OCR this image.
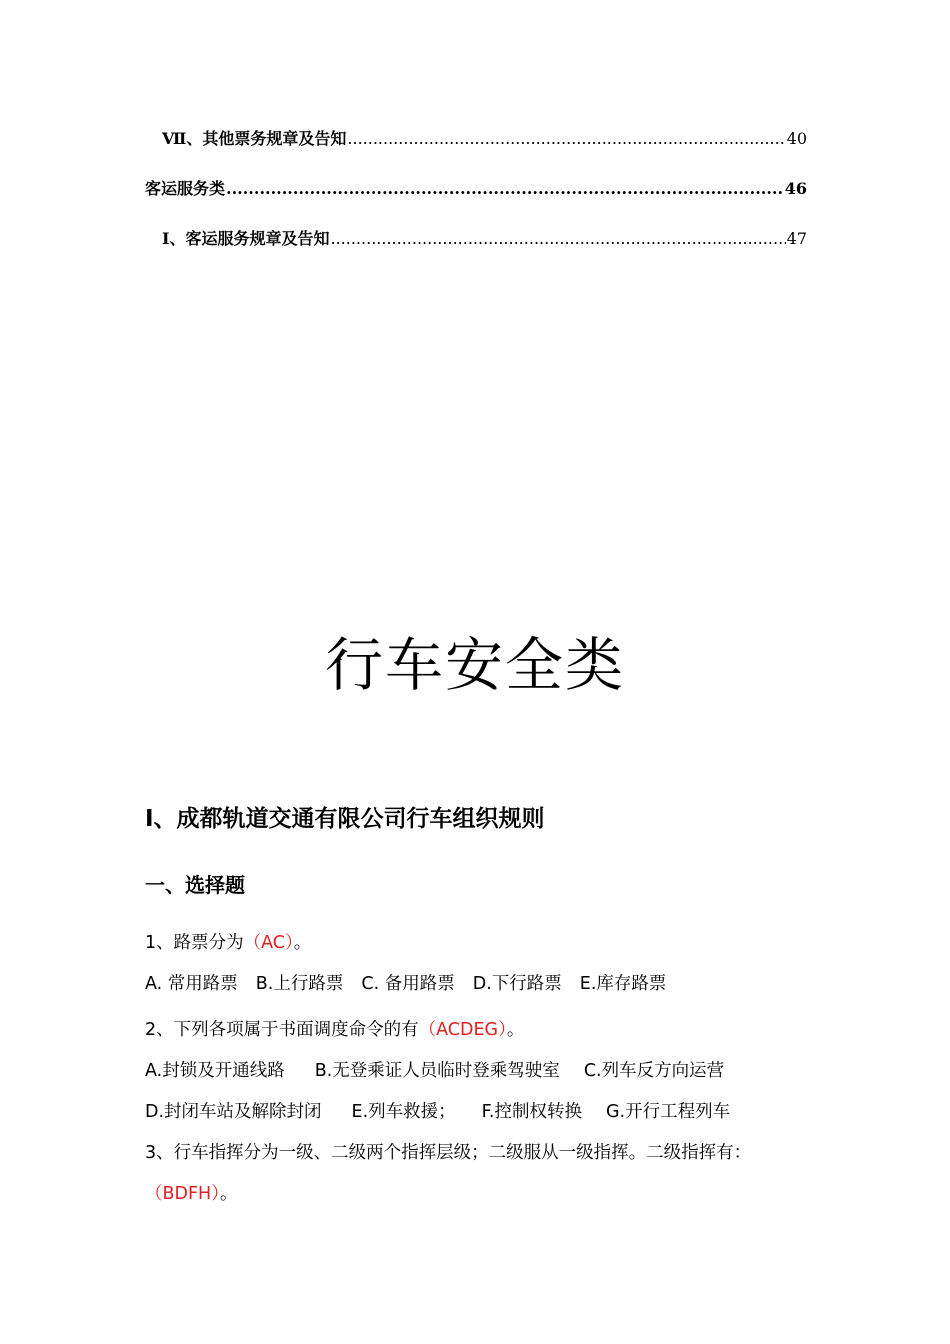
Ⅶ、其他票务规章及告知 .....	40
客运服务类 .....	46
Ⅰ、客运服务规章及告知 .....	47
行车安全类
Ⅰ、成都轨道交通有限公司行车组织规则
一、选择题
1、路票分为（AC）。
A. 常用路票 B.上行路票 C. 备用路票 D.下行路票 E.库存路票
2、下列各项属于书面调度命令的有（ACDEG）。
A.封锁及开通线路 B.无登乘证人员临时登乘驾驶室 C.列车反方向运营
D.封闭车站及解除封闭 E.列车救援； F.控制权转换 G.开行工程列车
3、行车指挥分为一级、二级两个指挥层级；二级服从一级指挥。二级指挥有：
（BDFH）。
